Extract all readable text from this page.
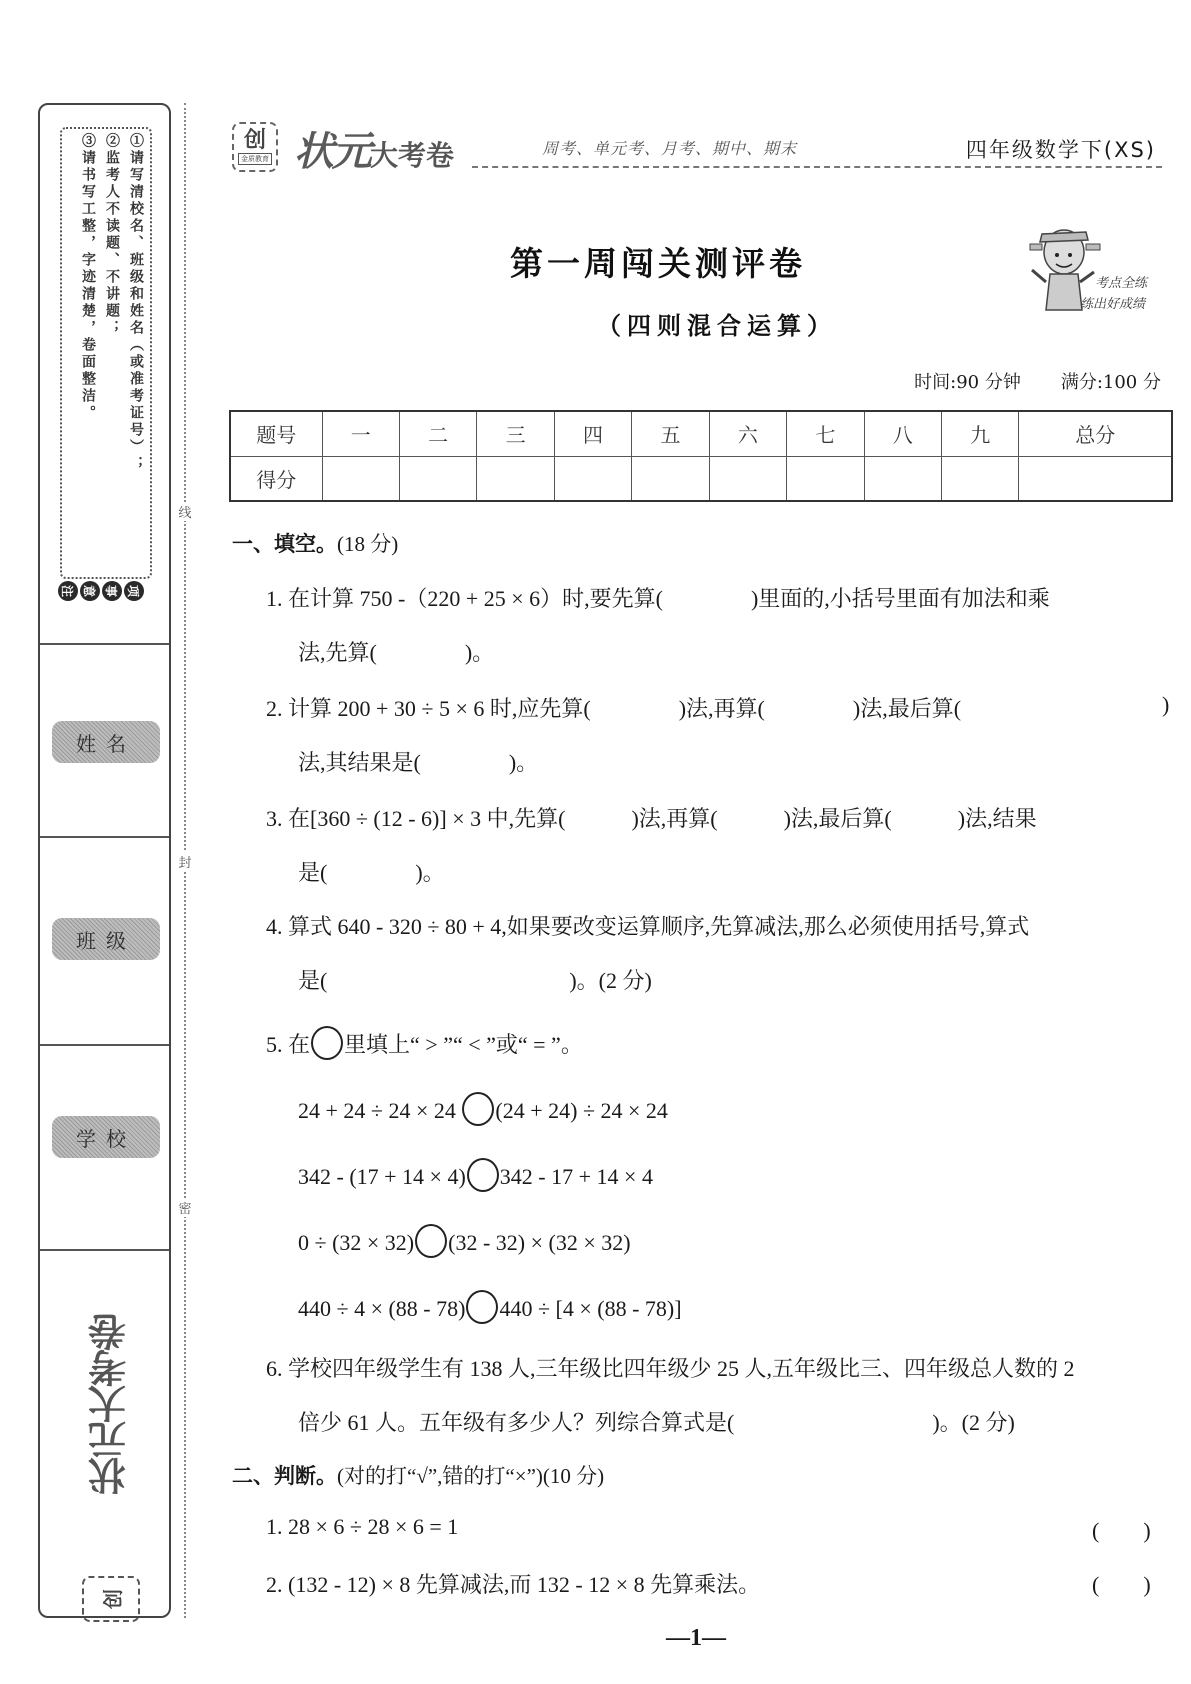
①请写清校名、班级和姓名（或准考证号）；
②监考人不读题、不讲题；
③请书写工整，字迹清楚，卷面整洁。
注 意 事 项
姓名
班级
学校
状元大考卷
创
线
封
密
创
金质教育 状元大考卷	周考、单元考、月考、期中、期末	四年级数学下(XS)
第一周闯关测评卷
（四则混合运算）
考点全练
练出好成绩
时间:90 分钟 满分:100 分
题号	一	二	三	四	五	六	七	八	九	总分
得分										
一、填空。(18 分)
1. 在计算 750 -（220 + 25 × 6）时,要先算(　　　　)里面的,小括号里面有加法和乘
法,先算(　　　　)。
2. 计算 200 + 30 ÷ 5 × 6 时,应先算(　　　　)法,再算(　　　　)法,最后算(	)
法,其结果是(　　　　)。
3. 在[360 ÷ (12 - 6)] × 3 中,先算(　　　)法,再算(　　　)法,最后算(　　　)法,结果
是(　　　　)。
4. 算式 640 - 320 ÷ 80 + 4,如果要改变运算顺序,先算减法,那么必须使用括号,算式
是(　　　　　　　　　　　)。(2 分)
5. 在 里填上“ > ”“ < ”或“ = ”。
24 + 24 ÷ 24 × 24 (24 + 24) ÷ 24 × 24
342 - (17 + 14 × 4) 342 - 17 + 14 × 4
0 ÷ (32 × 32) (32 - 32) × (32 × 32)
440 ÷ 4 × (88 - 78) 440 ÷ [4 × (88 - 78)]
6. 学校四年级学生有 138 人,三年级比四年级少 25 人,五年级比三、四年级总人数的 2
倍少 61 人。五年级有多少人？列综合算式是(　　　　　　　　　)。(2 分)
二、判断。(对的打“√”,错的打“×”)(10 分)
1. 28 × 6 ÷ 28 × 6 = 1	(　　)
2. (132 - 12) × 8 先算减法,而 132 - 12 × 8 先算乘法。	(　　)
—1—
